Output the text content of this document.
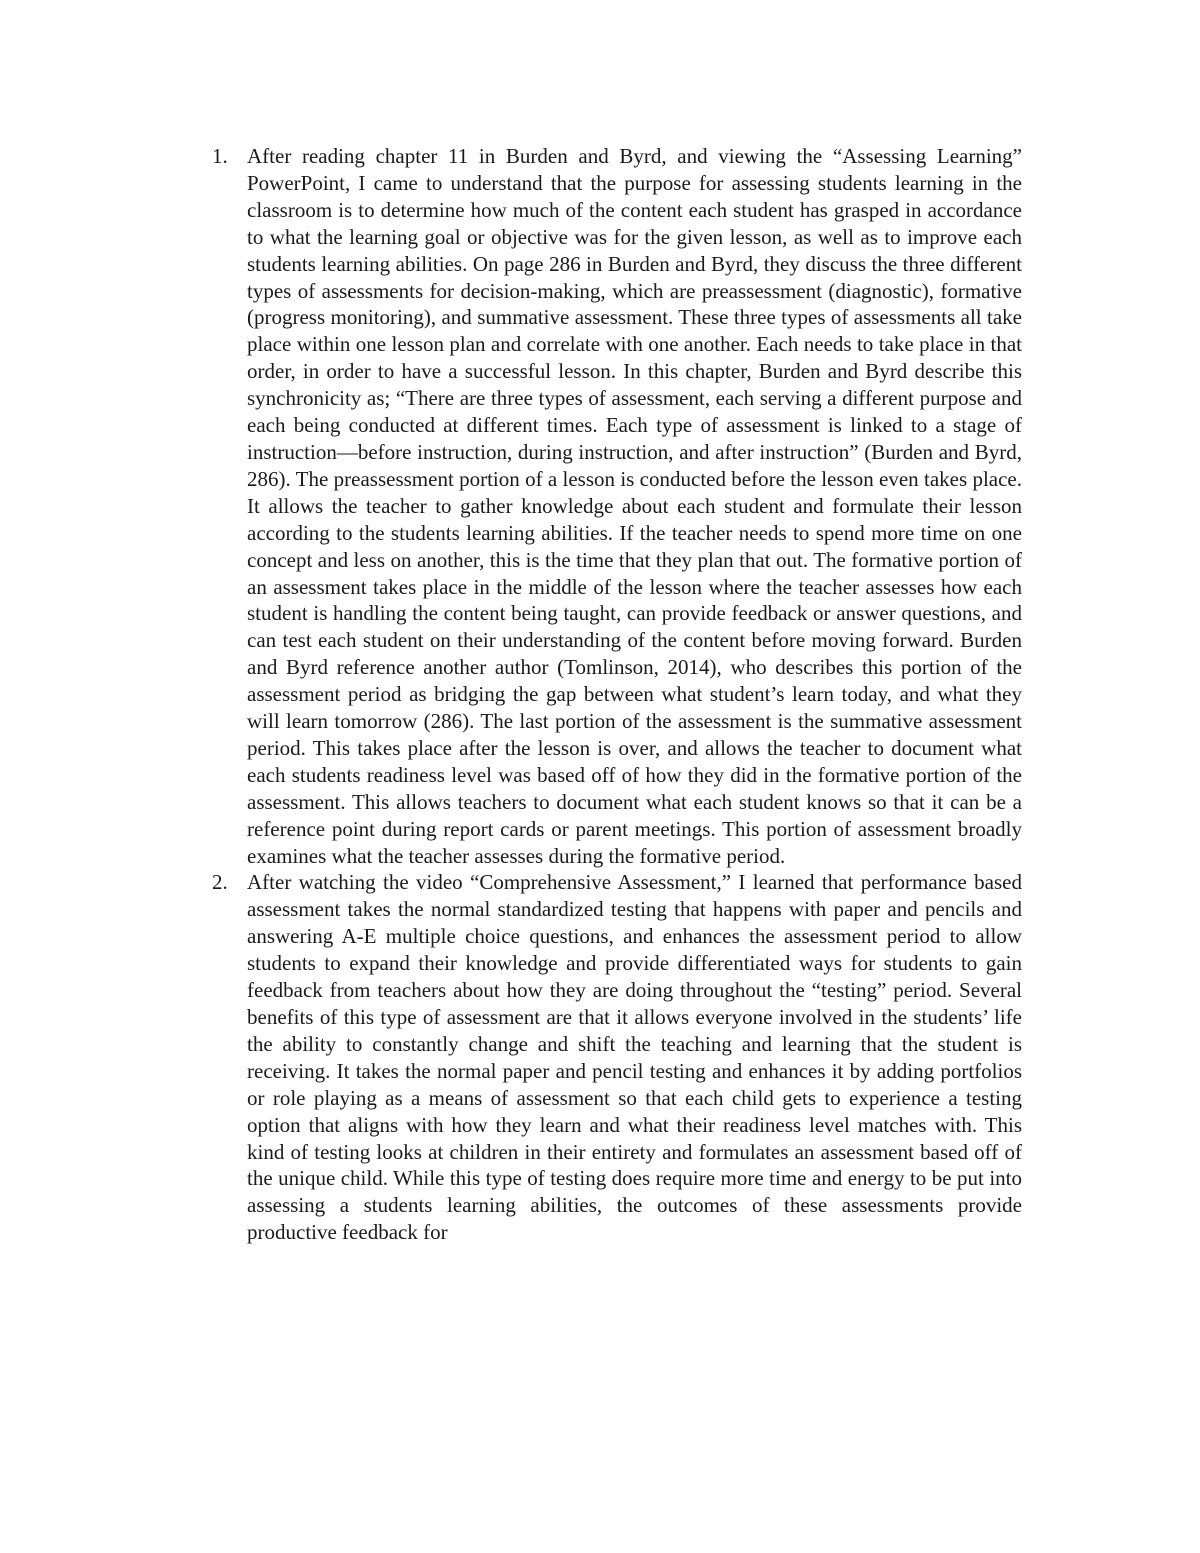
1. After reading chapter 11 in Burden and Byrd, and viewing the “Assessing Learning” PowerPoint, I came to understand that the purpose for assessing students learning in the classroom is to determine how much of the content each student has grasped in accordance to what the learning goal or objective was for the given lesson, as well as to improve each students learning abilities. On page 286 in Burden and Byrd, they discuss the three different types of assessments for decision-making, which are preassessment (diagnostic), formative (progress monitoring), and summative assessment. These three types of assessments all take place within one lesson plan and correlate with one another. Each needs to take place in that order, in order to have a successful lesson. In this chapter, Burden and Byrd describe this synchronicity as; “There are three types of assessment, each serving a different purpose and each being conducted at different times. Each type of assessment is linked to a stage of instruction—before instruction, during instruction, and after instruction” (Burden and Byrd, 286). The preassessment portion of a lesson is conducted before the lesson even takes place. It allows the teacher to gather knowledge about each student and formulate their lesson according to the students learning abilities. If the teacher needs to spend more time on one concept and less on another, this is the time that they plan that out. The formative portion of an assessment takes place in the middle of the lesson where the teacher assesses how each student is handling the content being taught, can provide feedback or answer questions, and can test each student on their understanding of the content before moving forward. Burden and Byrd reference another author (Tomlinson, 2014), who describes this portion of the assessment period as bridging the gap between what student’s learn today, and what they will learn tomorrow (286). The last portion of the assessment is the summative assessment period. This takes place after the lesson is over, and allows the teacher to document what each students readiness level was based off of how they did in the formative portion of the assessment. This allows teachers to document what each student knows so that it can be a reference point during report cards or parent meetings. This portion of assessment broadly examines what the teacher assesses during the formative period.

2. After watching the video “Comprehensive Assessment,” I learned that performance based assessment takes the normal standardized testing that happens with paper and pencils and answering A-E multiple choice questions, and enhances the assessment period to allow students to expand their knowledge and provide differentiated ways for students to gain feedback from teachers about how they are doing throughout the “testing” period. Several benefits of this type of assessment are that it allows everyone involved in the students’ life the ability to constantly change and shift the teaching and learning that the student is receiving. It takes the normal paper and pencil testing and enhances it by adding portfolios or role playing as a means of assessment so that each child gets to experience a testing option that aligns with how they learn and what their readiness level matches with. This kind of testing looks at children in their entirety and formulates an assessment based off of the unique child. While this type of testing does require more time and energy to be put into assessing a students learning abilities, the outcomes of these assessments provide productive feedback for
